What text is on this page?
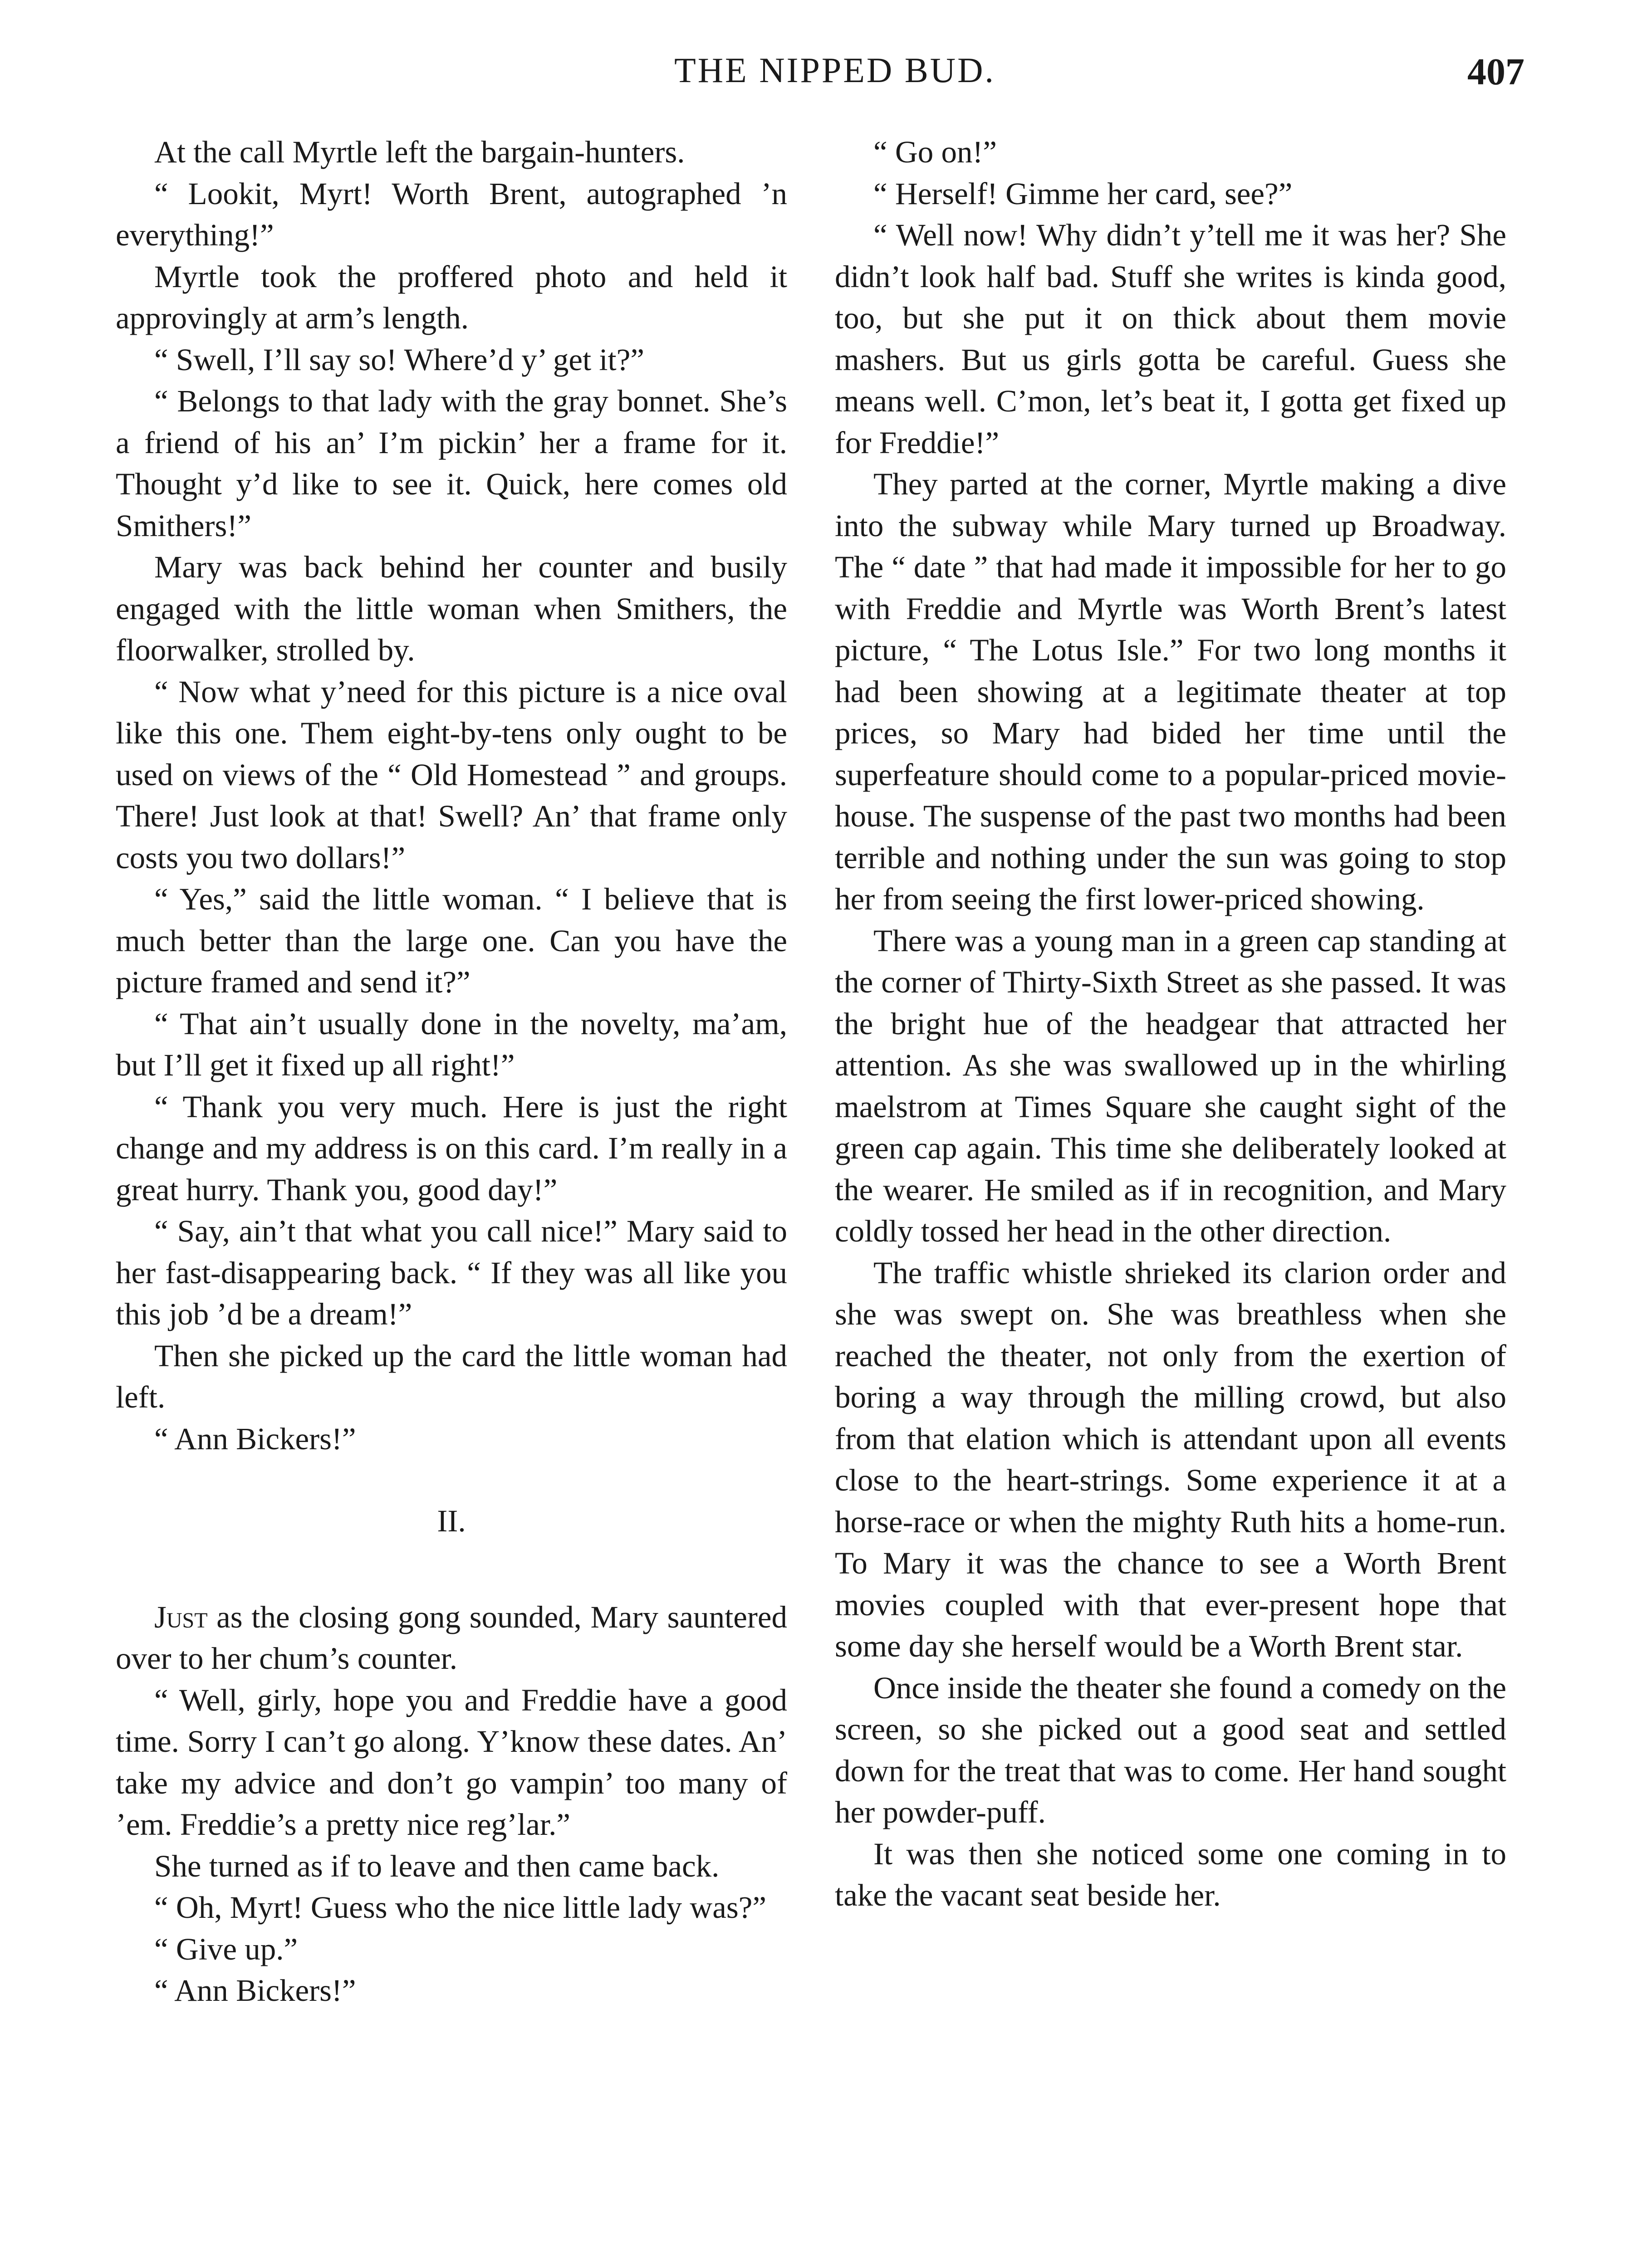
THE NIPPED BUD.	407

At the call Myrtle left the bargain-hunters.

“ Lookit, Myrt! Worth Brent, autographed ’n everything!”

Myrtle took the proffered photo and held it approvingly at arm’s length.

“ Swell, I’ll say so! Where’d y’ get it?”

“ Belongs to that lady with the gray bonnet. She’s a friend of his an’ I’m pickin’ her a frame for it. Thought y’d like to see it. Quick, here comes old Smithers!”

Mary was back behind her counter and busily engaged with the little woman when Smithers, the floorwalker, strolled by.

“ Now what y’need for this picture is a nice oval like this one. Them eight-by-tens only ought to be used on views of the “ Old Homestead ” and groups. There! Just look at that! Swell? An’ that frame only costs you two dollars!”

“ Yes,” said the little woman. “ I believe that is much better than the large one. Can you have the picture framed and send it?”

“ That ain’t usually done in the novelty, ma’am, but I’ll get it fixed up all right!”

“ Thank you very much. Here is just the right change and my address is on this card. I’m really in a great hurry. Thank you, good day!”

“ Say, ain’t that what you call nice!” Mary said to her fast-disappearing back. “ If they was all like you this job ’d be a dream!”

Then she picked up the card the little woman had left.

“ Ann Bickers!”

II.

Just as the closing gong sounded, Mary sauntered over to her chum’s counter.

“ Well, girly, hope you and Freddie have a good time. Sorry I can’t go along. Y’know these dates. An’ take my advice and don’t go vampin’ too many of ’em. Freddie’s a pretty nice reg’lar.”

She turned as if to leave and then came back.

“ Oh, Myrt! Guess who the nice little lady was?”

“ Give up.”

“ Ann Bickers!”

“ Go on!”

“ Herself! Gimme her card, see?”

“ Well now! Why didn’t y’tell me it was her? She didn’t look half bad. Stuff she writes is kinda good, too, but she put it on thick about them movie mashers. But us girls gotta be careful. Guess she means well. C’mon, let’s beat it, I gotta get fixed up for Freddie!”

They parted at the corner, Myrtle making a dive into the subway while Mary turned up Broadway. The “ date ” that had made it impossible for her to go with Freddie and Myrtle was Worth Brent’s latest picture, “ The Lotus Isle.” For two long months it had been showing at a legitimate theater at top prices, so Mary had bided her time until the superfeature should come to a popular-priced movie-house. The suspense of the past two months had been terrible and nothing under the sun was going to stop her from seeing the first lower-priced showing.

There was a young man in a green cap standing at the corner of Thirty-Sixth Street as she passed. It was the bright hue of the headgear that attracted her attention. As she was swallowed up in the whirling maelstrom at Times Square she caught sight of the green cap again. This time she deliberately looked at the wearer. He smiled as if in recognition, and Mary coldly tossed her head in the other direction.

The traffic whistle shrieked its clarion order and she was swept on. She was breathless when she reached the theater, not only from the exertion of boring a way through the milling crowd, but also from that elation which is attendant upon all events close to the heart-strings. Some experience it at a horse-race or when the mighty Ruth hits a home-run. To Mary it was the chance to see a Worth Brent movies coupled with that ever-present hope that some day she herself would be a Worth Brent star.

Once inside the theater she found a comedy on the screen, so she picked out a good seat and settled down for the treat that was to come. Her hand sought her powder-puff.

It was then she noticed some one coming in to take the vacant seat beside her.
